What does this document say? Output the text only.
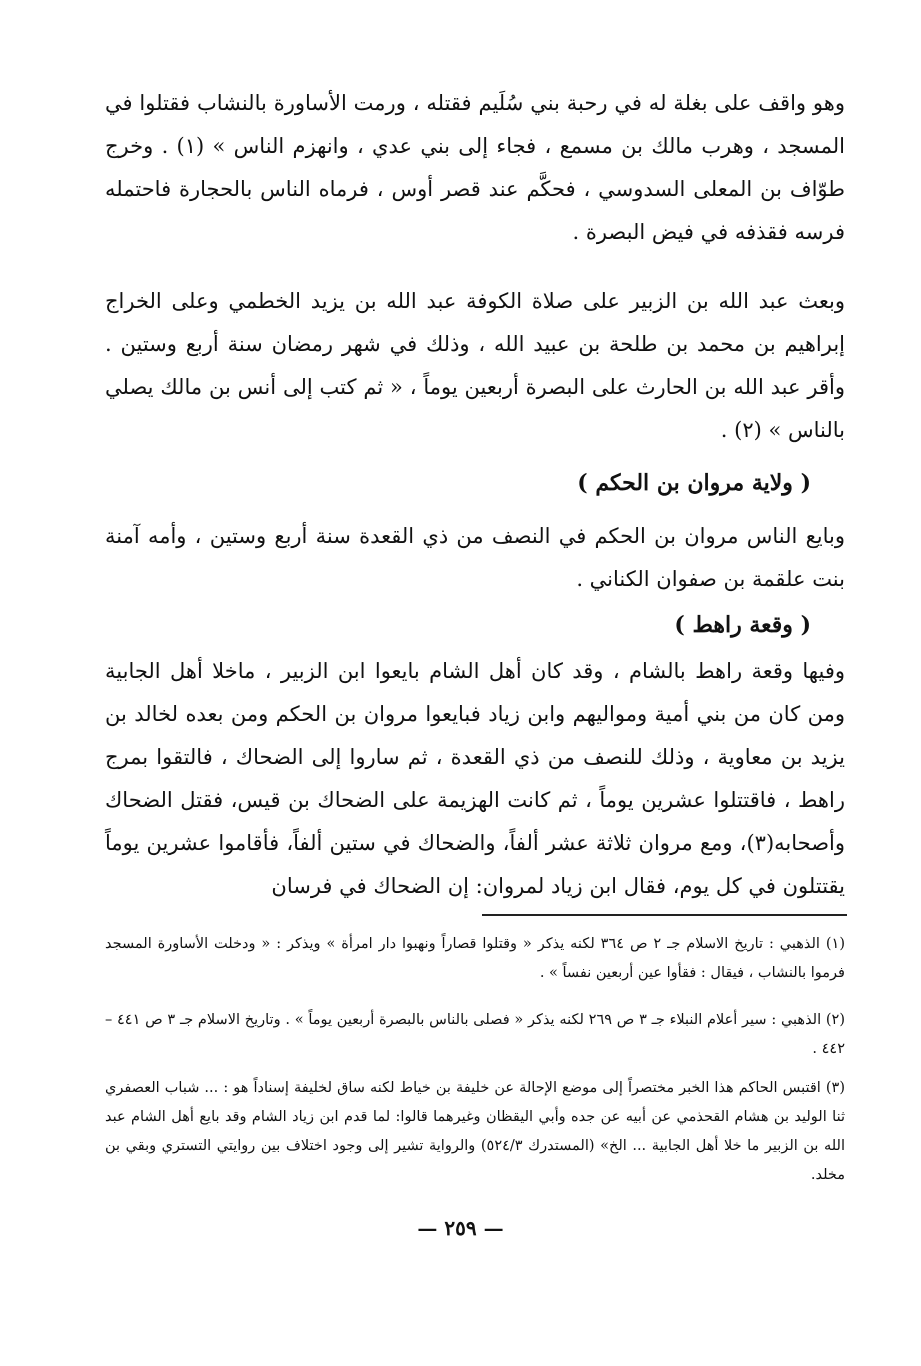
وهو واقف على بغلة له في رحبة بني سُلَيم فقتله ، ورمت الأساورة بالنشاب فقتلوا في المسجد ، وهرب مالك بن مسمع ، فجاء إلى بني عدي ، وانهزم الناس » (١) . وخرج طوّاف بن المعلى السدوسي ، فحكَّم عند قصر أوس ، فرماه الناس بالحجارة فاحتمله فرسه فقذفه في فيض البصرة .

وبعث عبد الله بن الزبير على صلاة الكوفة عبد الله بن يزيد الخطمي وعلى الخراج إبراهيم بن محمد بن طلحة بن عبيد الله ، وذلك في شهر رمضان سنة أربع وستين . وأقر عبد الله بن الحارث على البصرة أربعين يوماً ، « ثم كتب إلى أنس بن مالك يصلي بالناس » (٢) .

( ولاية مروان بن الحكم )

وبايع الناس مروان بن الحكم في النصف من ذي القعدة سنة أربع وستين ، وأمه آمنة بنت علقمة بن صفوان الكناني .

( وقعة راهط )

وفيها وقعة راهط بالشام ، وقد كان أهل الشام بايعوا ابن الزبير ، ماخلا أهل الجابية ومن كان من بني أمية ومواليهم وابن زياد فبايعوا مروان بن الحكم ومن بعده لخالد بن يزيد بن معاوية ، وذلك للنصف من ذي القعدة ، ثم ساروا إلى الضحاك ، فالتقوا بمرج راهط ، فاقتتلوا عشرين يوماً ، ثم كانت الهزيمة على الضحاك بن قيس، فقتل الضحاك وأصحابه(٣)، ومع مروان ثلاثة عشر ألفاً، والضحاك في ستين ألفاً، فأقاموا عشرين يوماً يقتتلون في كل يوم، فقال ابن زياد لمروان: إن الضحاك في فرسان

(١) الذهبي : تاريخ الاسلام جـ ٢ ص ٣٦٤ لكنه يذكر « وقتلوا قصاراً ونهبوا دار امرأة » ويذكر : « ودخلت الأساورة المسجد فرموا بالنشاب ، فيقال : فقأوا عين أربعين نفساً » .

(٢) الذهبي : سير أعلام النبلاء جـ ٣ ص ٢٦٩ لكنه يذكر « فصلى بالناس بالبصرة أربعين يوماً » . وتاريخ الاسلام جـ ٣ ص ٤٤١ – ٤٤٢ .

(٣) اقتبس الحاكم هذا الخبر مختصراً إلى موضع الإحالة عن خليفة بن خياط لكنه ساق لخليفة إسناداً هو : ... شباب العصفري ثنا الوليد بن هشام القحذمي عن أبيه عن جده وأبي اليقظان وغيرهما قالوا: لما قدم ابن زياد الشام وقد بايع أهل الشام عبد الله بن الزبير ما خلا أهل الجابية ... الخ» (المستدرك ٥٢٤/٣) والرواية تشير إلى وجود اختلاف بين روايتي التستري وبقي بن مخلد.

— ٢٥٩ —
